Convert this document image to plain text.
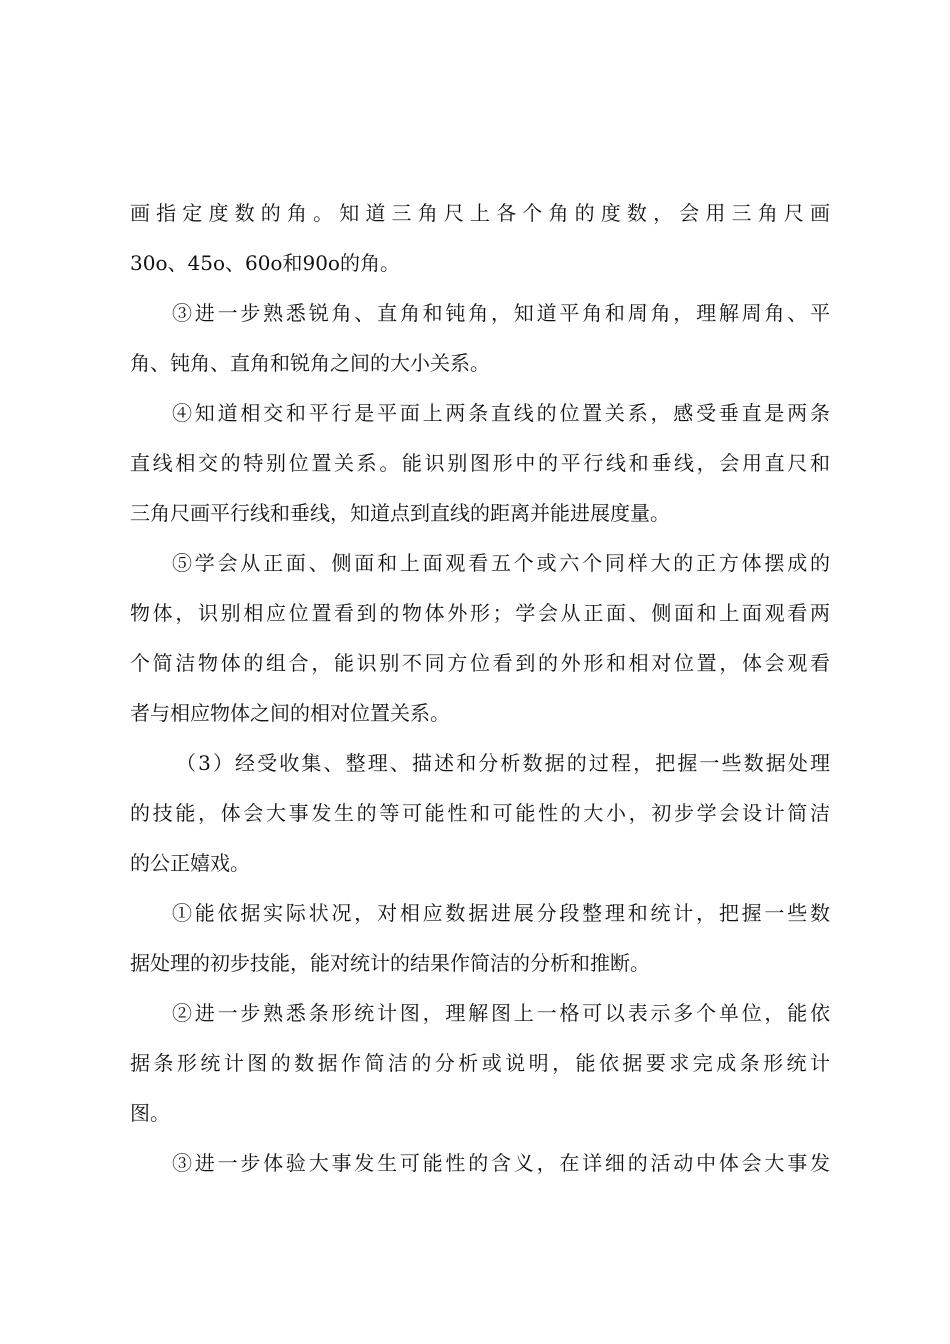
画指定度数的角。知道三角尺上各个角的度数，会用三角尺画
30o、45o、60o和90o的角。
③进一步熟悉锐角、直角和钝角，知道平角和周角，理解周角、平
角、钝角、直角和锐角之间的大小关系。
④知道相交和平行是平面上两条直线的位置关系，感受垂直是两条
直线相交的特别位置关系。能识别图形中的平行线和垂线，会用直尺和
三角尺画平行线和垂线，知道点到直线的距离并能进展度量。
⑤学会从正面、侧面和上面观看五个或六个同样大的正方体摆成的
物体，识别相应位置看到的物体外形；学会从正面、侧面和上面观看两
个简洁物体的组合，能识别不同方位看到的外形和相对位置，体会观看
者与相应物体之间的相对位置关系。
（3）经受收集、整理、描述和分析数据的过程，把握一些数据处理
的技能，体会大事发生的等可能性和可能性的大小，初步学会设计简洁
的公正嬉戏。
①能依据实际状况，对相应数据进展分段整理和统计，把握一些数
据处理的初步技能，能对统计的结果作简洁的分析和推断。
②进一步熟悉条形统计图，理解图上一格可以表示多个单位，能依
据条形统计图的数据作简洁的分析或说明，能依据要求完成条形统计
图。
③进一步体验大事发生可能性的含义，在详细的活动中体会大事发
